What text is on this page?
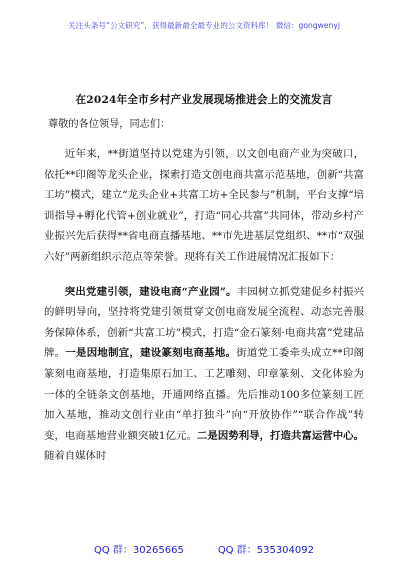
关注头条号“公文研究”，获得最新最全最专业的公文资料库！ 微信：gongwenyj
在2024年全市乡村产业发展现场推进会上的交流发言
尊敬的各位领导，同志们：

近年来，**街道坚持以党建为引领，以文创电商产业为突破口，依托**印阁等龙头企业，探索打造文创电商共富示范基地，创新“共富工坊”模式，建立“龙头企业+共富工坊+全民参与”机制，平台支撑“培训指导+孵化代管+创业就业”，打造“同心共富”共同体，带动乡村产业振兴先后获得**省电商直播基地、**市先进基层党组织、**市“双强六好”两新组织示范点等荣誉。现将有关工作进展情况汇报如下：

突出党建引领，建设电商“产业园”。丰园树立抓党建促乡村振兴的鲜明导向，坚持将党建引领贯穿文创电商发展全流程、动态完善服务保障体系，创新“共富工坊”模式，打造“金石篆刻·电商共富”党建品牌。一是因地制宜，建设篆刻电商基地。街道党工委牵头成立**印阁篆刻电商基地，打造集原石加工、工艺雕刻、印章篆刻、文化体验为一体的全链条文创基地，开通网络直播。先后推动100多位篆刻工匠加入基地，推动文创行业由“单打独斗”向“开放协作”“联合作战”转变，电商基地营业额突破1亿元。二是因势利导，打造共富运营中心。随着自媒体时

QQ 群：30265665	QQ 群：535304092
